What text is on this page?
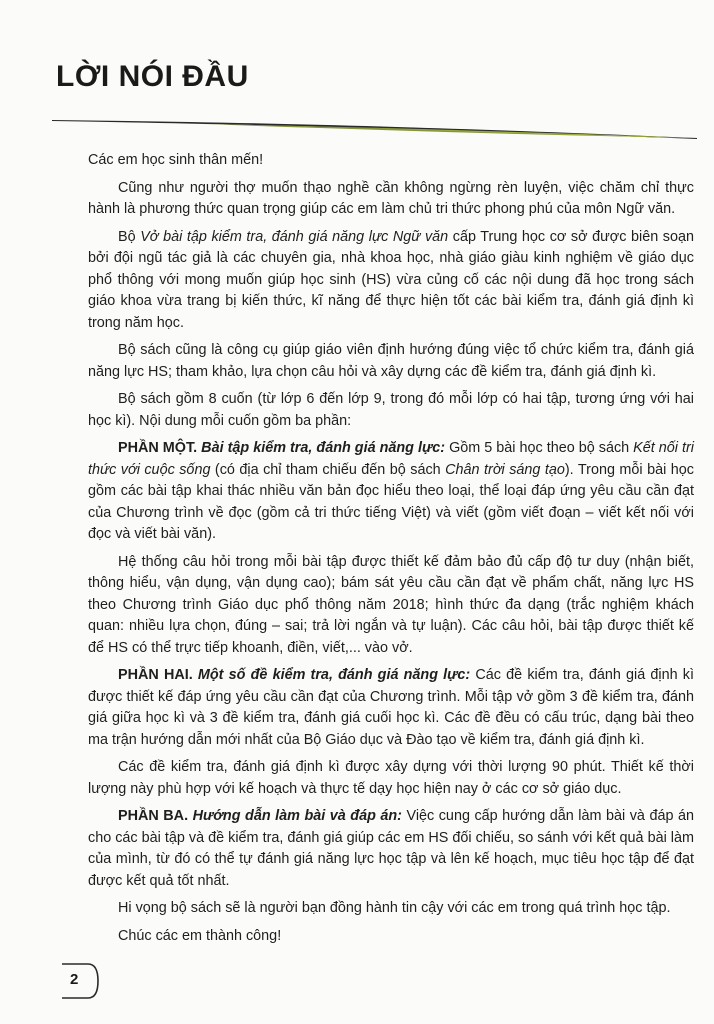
LỜI NÓI ĐẦU

Các em học sinh thân mến!

Cũng như người thợ muốn thạo nghề cần không ngừng rèn luyện, việc chăm chỉ thực hành là phương thức quan trọng giúp các em làm chủ tri thức phong phú của môn Ngữ văn.

Bộ Vở bài tập kiểm tra, đánh giá năng lực Ngữ văn cấp Trung học cơ sở được biên soạn bởi đội ngũ tác giả là các chuyên gia, nhà khoa học, nhà giáo giàu kinh nghiệm về giáo dục phổ thông với mong muốn giúp học sinh (HS) vừa củng cố các nội dung đã học trong sách giáo khoa vừa trang bị kiến thức, kĩ năng để thực hiện tốt các bài kiểm tra, đánh giá định kì trong năm học.

Bộ sách cũng là công cụ giúp giáo viên định hướng đúng việc tổ chức kiểm tra, đánh giá năng lực HS; tham khảo, lựa chọn câu hỏi và xây dựng các đề kiểm tra, đánh giá định kì.

Bộ sách gồm 8 cuốn (từ lớp 6 đến lớp 9, trong đó mỗi lớp có hai tập, tương ứng với hai học kì). Nội dung mỗi cuốn gồm ba phần:

PHẦN MỘT. Bài tập kiểm tra, đánh giá năng lực: Gồm 5 bài học theo bộ sách Kết nối tri thức với cuộc sống (có địa chỉ tham chiếu đến bộ sách Chân trời sáng tạo). Trong mỗi bài học gồm các bài tập khai thác nhiều văn bản đọc hiểu theo loại, thể loại đáp ứng yêu cầu cần đạt của Chương trình về đọc (gồm cả tri thức tiếng Việt) và viết (gồm viết đoạn – viết kết nối với đọc và viết bài văn).

Hệ thống câu hỏi trong mỗi bài tập được thiết kế đảm bảo đủ cấp độ tư duy (nhận biết, thông hiểu, vận dụng, vận dụng cao); bám sát yêu cầu cần đạt về phẩm chất, năng lực HS theo Chương trình Giáo dục phổ thông năm 2018; hình thức đa dạng (trắc nghiệm khách quan: nhiều lựa chọn, đúng – sai; trả lời ngắn và tự luận). Các câu hỏi, bài tập được thiết kế để HS có thể trực tiếp khoanh, điền, viết,... vào vở.

PHẦN HAI. Một số đề kiểm tra, đánh giá năng lực: Các đề kiểm tra, đánh giá định kì được thiết kế đáp ứng yêu cầu cần đạt của Chương trình. Mỗi tập vở gồm 3 đề kiểm tra, đánh giá giữa học kì và 3 đề kiểm tra, đánh giá cuối học kì. Các đề đều có cấu trúc, dạng bài theo ma trận hướng dẫn mới nhất của Bộ Giáo dục và Đào tạo về kiểm tra, đánh giá định kì.

Các đề kiểm tra, đánh giá định kì được xây dựng với thời lượng 90 phút. Thiết kế thời lượng này phù hợp với kế hoạch và thực tế dạy học hiện nay ở các cơ sở giáo dục.

PHẦN BA. Hướng dẫn làm bài và đáp án: Việc cung cấp hướng dẫn làm bài và đáp án cho các bài tập và đề kiểm tra, đánh giá giúp các em HS đối chiếu, so sánh với kết quả bài làm của mình, từ đó có thể tự đánh giá năng lực học tập và lên kế hoạch, mục tiêu học tập để đạt được kết quả tốt nhất.

Hi vọng bộ sách sẽ là người bạn đồng hành tin cậy với các em trong quá trình học tập.

Chúc các em thành công!

2
